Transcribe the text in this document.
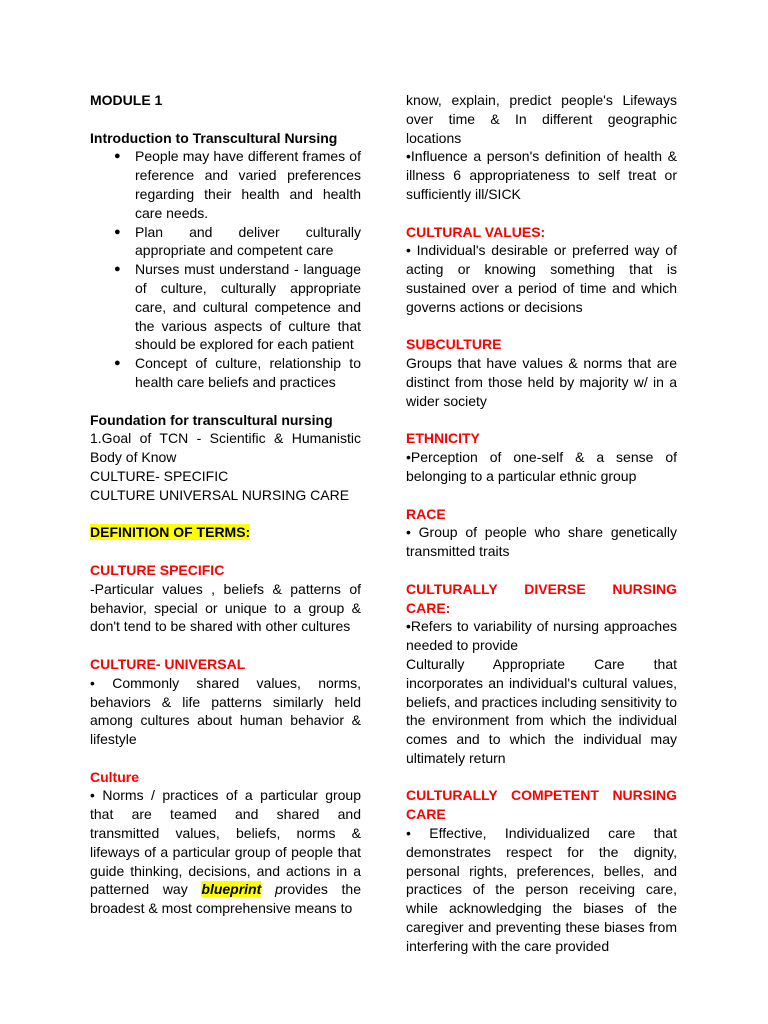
MODULE 1

Introduction to Transcultural Nursing

● People may have different frames of reference and varied preferences regarding their health and health care needs.
● Plan and deliver culturally appropriate and competent care
● Nurses must understand - language of culture, culturally appropriate care, and cultural competence and the various aspects of culture that should be explored for each patient
● Concept of culture, relationship to health care beliefs and practices

Foundation for transcultural nursing

1.Goal of TCN - Scientific & Humanistic Body of Know

CULTURE- SPECIFIC

CULTURE UNIVERSAL NURSING CARE

DEFINITION OF TERMS:

CULTURE SPECIFIC

-Particular values , beliefs & patterns of behavior, special or unique to a group & don't tend to be shared with other cultures

CULTURE- UNIVERSAL

• Commonly shared values, norms, behaviors & life patterns similarly held among cultures about human behavior & lifestyle

Culture

• Norms / practices of a particular group that are teamed and shared and transmitted values, beliefs, norms & lifeways of a particular group of people that guide thinking, decisions, and actions in a patterned way blueprint provides the broadest & most comprehensive means to

know, explain, predict people's Lifeways over time & In different geographic locations

•Influence a person's definition of health & illness 6 appropriateness to self treat or sufficiently ill/SICK

CULTURAL VALUES:

• Individual's desirable or preferred way of acting or knowing something that is sustained over a period of time and which governs actions or decisions

SUBCULTURE

Groups that have values & norms that are distinct from those held by majority w/ in a wider society

ETHNICITY

•Perception of one-self & a sense of belonging to a particular ethnic group

RACE

• Group of people who share genetically transmitted traits

CULTURALLY DIVERSE NURSING CARE:

•Refers to variability of nursing approaches needed to provide

Culturally Appropriate Care that incorporates an individual's cultural values, beliefs, and practices including sensitivity to the environment from which the individual comes and to which the individual may ultimately return

CULTURALLY COMPETENT NURSING CARE

• Effective, Individualized care that demonstrates respect for the dignity, personal rights, preferences, belles, and practices of the person receiving care, while acknowledging the biases of the caregiver and preventing these biases from interfering with the care provided
